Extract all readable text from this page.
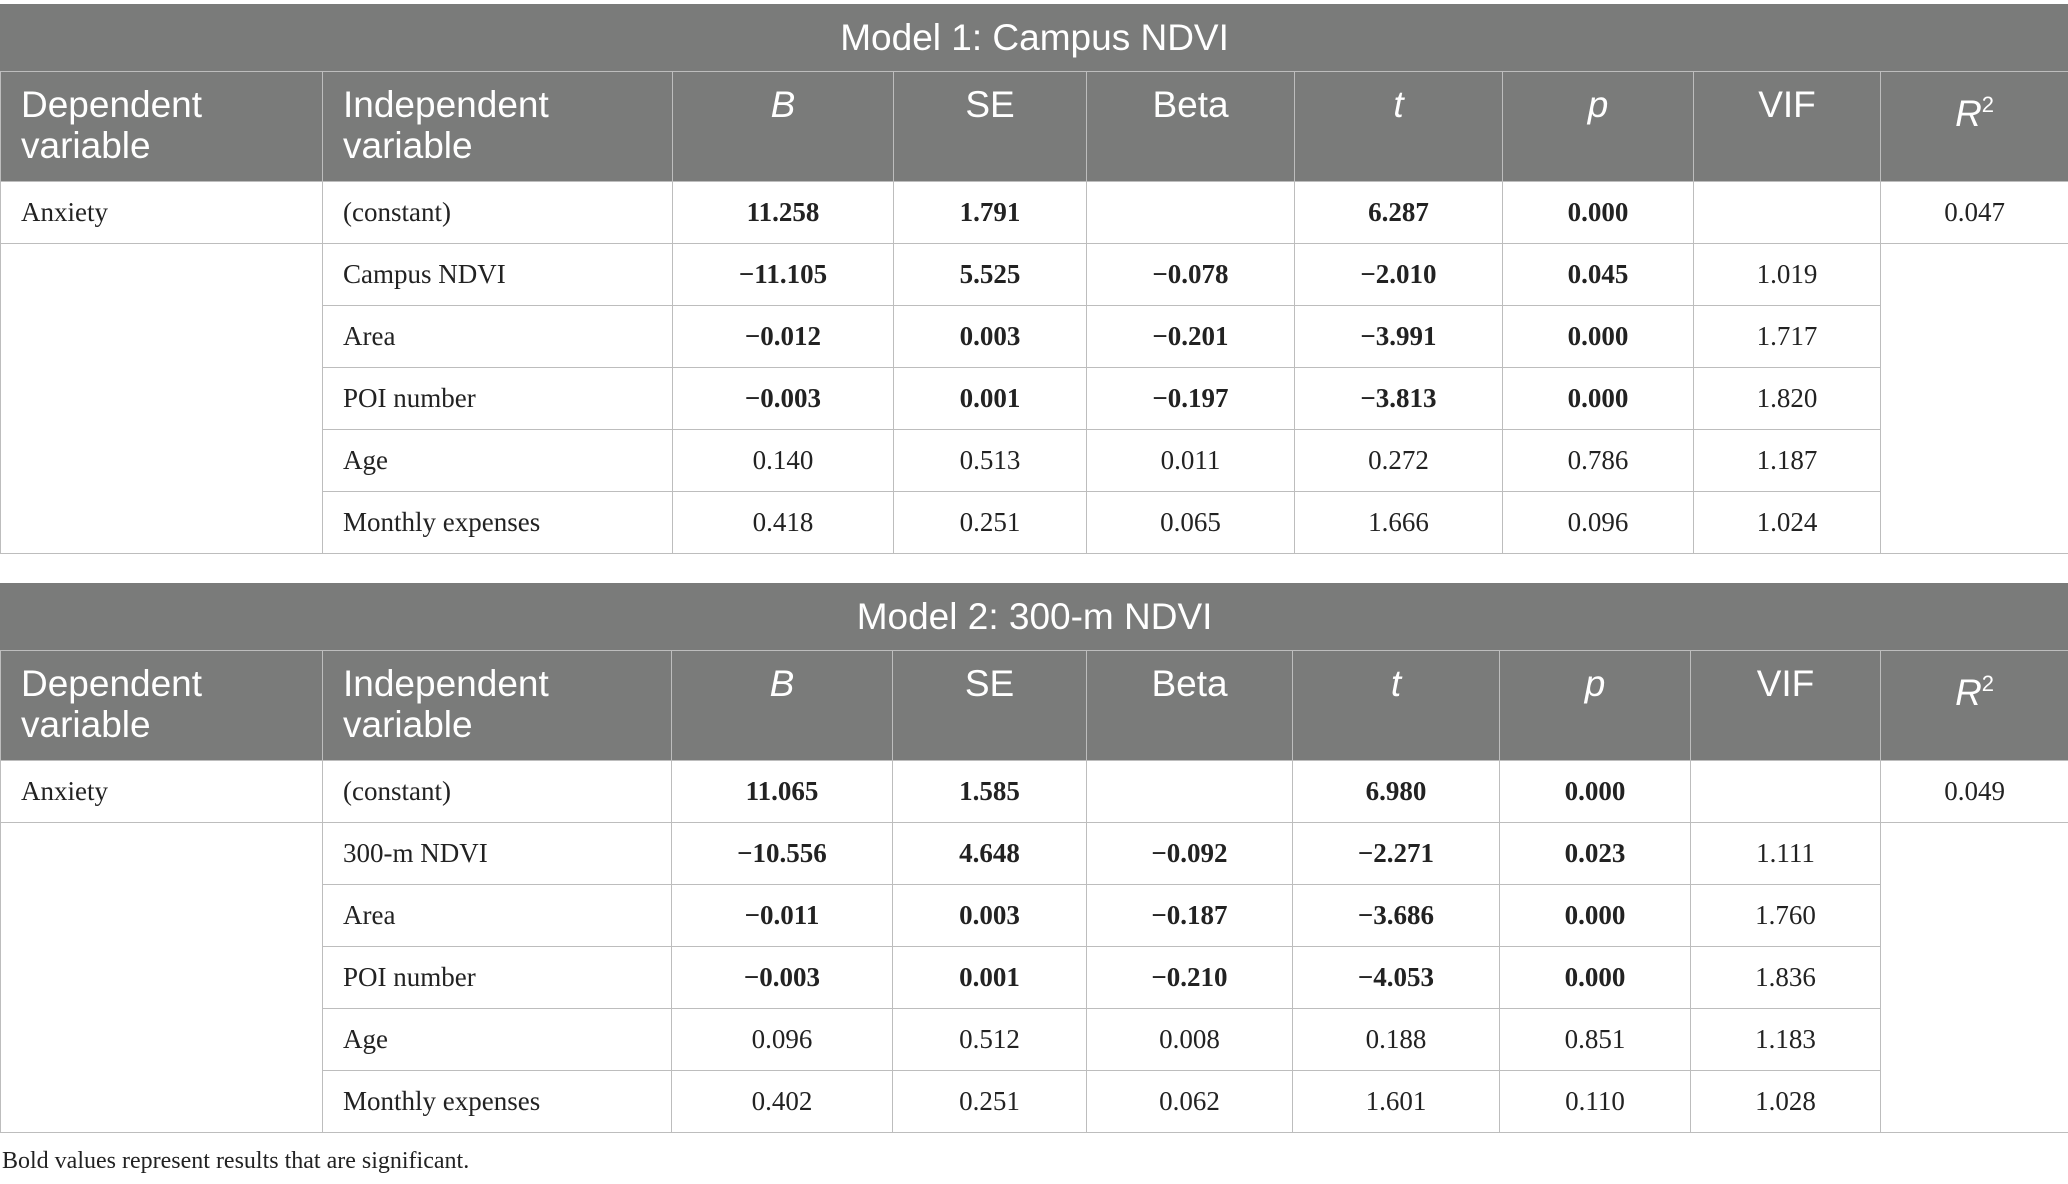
Model 1: Campus NDVI								
Dependent variable	Independent variable	B	SE	Beta	t	p	VIF	$R^2$
Anxiety	(constant)	11.258	1.791		6.287	0.000		0.047
	Campus NDVI	−11.105	5.525	−0.078	−2.010	0.045	1.019	
	Area	−0.012	0.003	−0.201	−3.991	0.000	1.717	
	POI number	−0.003	0.001	−0.197	−3.813	0.000	1.820	
	Age	0.140	0.513	0.011	0.272	0.786	1.187	
	Monthly expenses	0.418	0.251	0.065	1.666	0.096	1.024	
Model 2: 300-m NDVI								
Dependent variable	Independent variable	B	SE	Beta	t	p	VIF	$R^2$
Anxiety	(constant)	11.065	1.585		6.980	0.000		0.049
	300-m NDVI	−10.556	4.648	−0.092	−2.271	0.023	1.111	
	Area	−0.011	0.003	−0.187	−3.686	0.000	1.760	
	POI number	−0.003	0.001	−0.210	−4.053	0.000	1.836	
	Age	0.096	0.512	0.008	0.188	0.851	1.183	
	Monthly expenses	0.402	0.251	0.062	1.601	0.110	1.028	
Bold values represent results that are significant.
